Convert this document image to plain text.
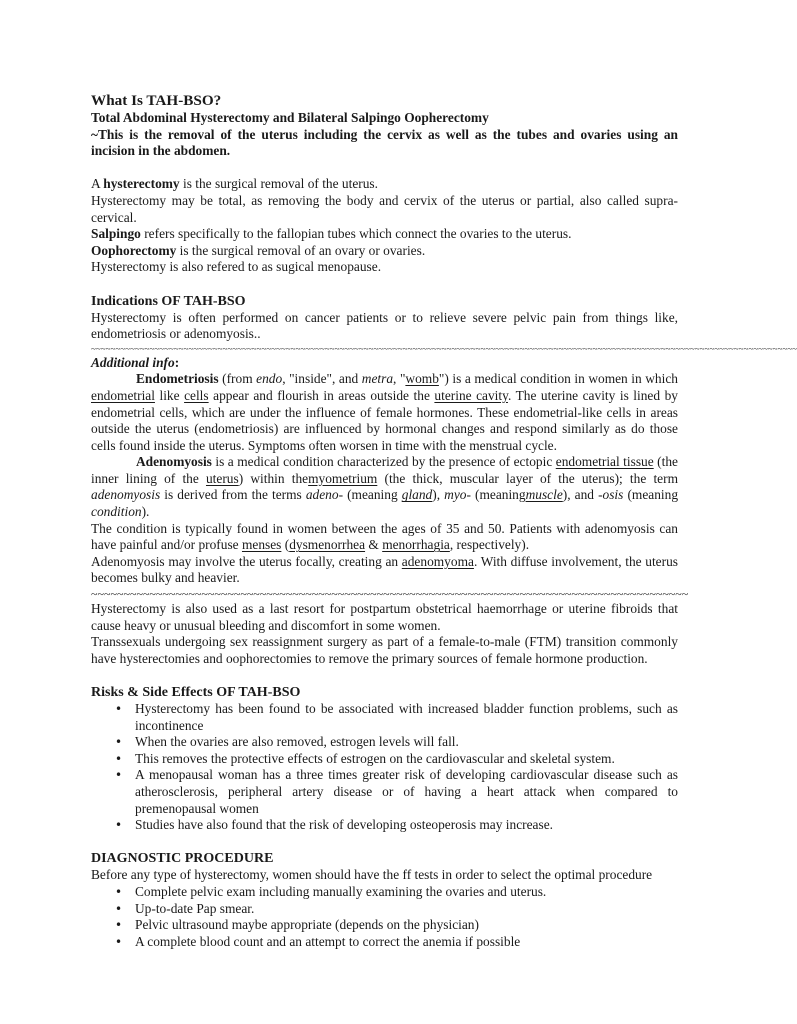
What Is TAH-BSO?

Total Abdominal Hysterectomy and Bilateral Salpingo Oopherectomy

~This is the removal of the uterus including the cervix as well as the tubes and ovaries using an incision in the abdomen.

A hysterectomy is the surgical removal of the uterus.

Hysterectomy may be total, as removing the body and cervix of the uterus or partial, also called supra-cervical.

Salpingo refers specifically to the fallopian tubes which connect the ovaries to the uterus.

Oophorectomy is the surgical removal of an ovary or ovaries.

Hysterectomy is also refered to as sugical menopause.

Indications OF TAH-BSO

Hysterectomy is often performed on cancer patients or to relieve severe pelvic pain from things like, endometriosis or adenomyosis..

~~~~~~~~~~~~~~~~~~~~~~~~~~~~~~~~~~~~~~~~~~~~~~~~~~~~~~~~~~~~~~~~~~~~~~~~~~~~~~~~~~~~~~~~~~~~~~~~~~~~~~~~~~~~~~~~~~~~~~~~~~~~~~~~~~~~~~~~~~~~~~~~~

Additional info:

Endometriosis (from endo, "inside", and metra, "womb") is a medical condition in women in which endometrial like cells appear and flourish in areas outside the uterine cavity. The uterine cavity is lined by endometrial cells, which are under the influence of female hormones. These endometrial-like cells in areas outside the uterus (endometriosis) are influenced by hormonal changes and respond similarly as do those cells found inside the uterus. Symptoms often worsen in time with the menstrual cycle.

Adenomyosis is a medical condition characterized by the presence of ectopic endometrial tissue (the inner lining of the uterus) within themyometrium (the thick, muscular layer of the uterus); the term adenomyosis is derived from the terms adeno- (meaning gland), myo- (meaningmuscle), and -osis (meaning condition).

The condition is typically found in women between the ages of 35 and 50. Patients with adenomyosis can have painful and/or profuse menses (dysmenorrhea & menorrhagia, respectively).

Adenomyosis may involve the uterus focally, creating an adenomyoma. With diffuse involvement, the uterus becomes bulky and heavier.

~~~~~~~~~~~~~~~~~~~~~~~~~~~~~~~~~~~~~~~~~~~~~~~~~~~~~~~~~~~~~~~~~~~~~~~~~~~~~~~~~~~~~~~~~~~~

Hysterectomy is also used as a last resort for postpartum obstetrical haemorrhage or uterine fibroids that cause heavy or unusual bleeding and discomfort in some women.

Transsexuals undergoing sex reassignment surgery as part of a female-to-male (FTM) transition commonly have hysterectomies and oophorectomies to remove the primary sources of female hormone production.

Risks & Side Effects OF TAH-BSO
• Hysterectomy has been found to be associated with increased bladder function problems, such as incontinence
• When the ovaries are also removed, estrogen levels will fall.
• This removes the protective effects of estrogen on the cardiovascular and skeletal system.
• A menopausal woman has a three times greater risk of developing cardiovascular disease such as atherosclerosis, peripheral artery disease or of having a heart attack when compared to premenopausal women
• Studies have also found that the risk of developing osteoperosis may increase.
DIAGNOSTIC PROCEDURE

Before any type of hysterectomy, women should have the ff tests in order to select the optimal procedure

• Complete pelvic exam including manually examining the ovaries and uterus.
• Up-to-date Pap smear.
• Pelvic ultrasound maybe appropriate (depends on the physician)
• A complete blood count and an attempt to correct the anemia if possible
